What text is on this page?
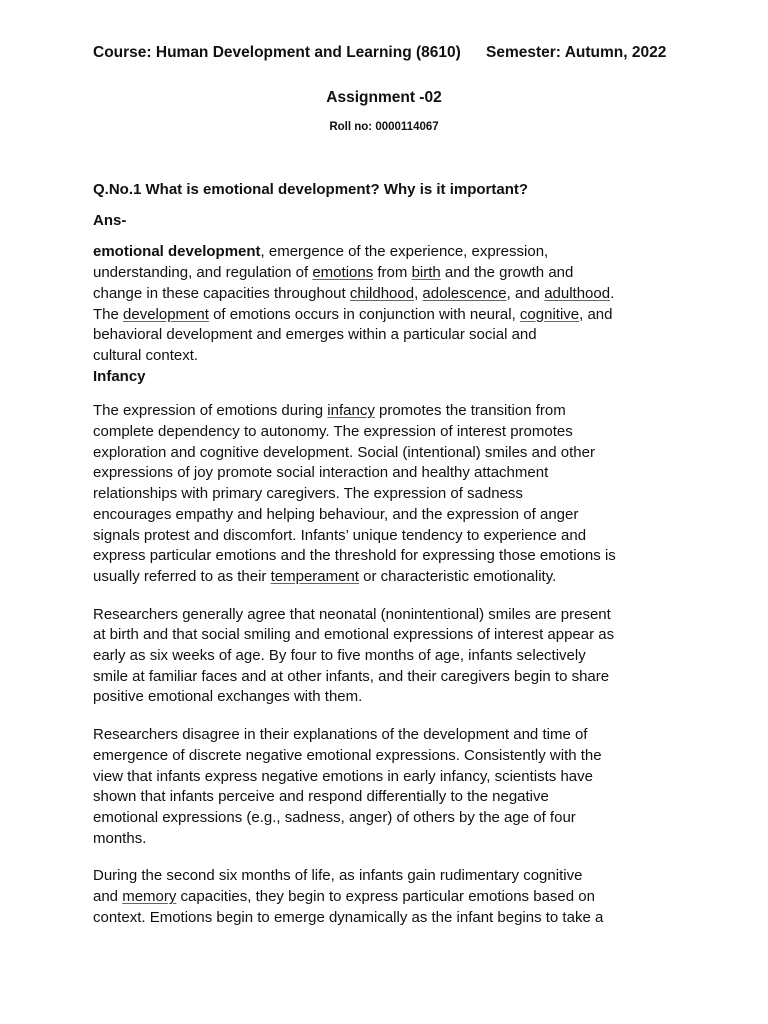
Course: Human Development and Learning (8610) Semester: Autumn, 2022
Assignment -02
Roll no: 0000114067
Q.No.1 What is emotional development? Why is it important?
Ans-
emotional development, emergence of the experience, expression,
understanding, and regulation of emotions from birth and the growth and
change in these capacities throughout childhood, adolescence, and adulthood.
The development of emotions occurs in conjunction with neural, cognitive, and
behavioral development and emerges within a particular social and
cultural context.
Infancy
The expression of emotions during infancy promotes the transition from
complete dependency to autonomy. The expression of interest promotes
exploration and cognitive development. Social (intentional) smiles and other
expressions of joy promote social interaction and healthy attachment
relationships with primary caregivers. The expression of sadness
encourages empathy and helping behaviour, and the expression of anger
signals protest and discomfort. Infants’ unique tendency to experience and
express particular emotions and the threshold for expressing those emotions is
usually referred to as their temperament or characteristic emotionality.
Researchers generally agree that neonatal (nonintentional) smiles are present
at birth and that social smiling and emotional expressions of interest appear as
early as six weeks of age. By four to five months of age, infants selectively
smile at familiar faces and at other infants, and their caregivers begin to share
positive emotional exchanges with them.
Researchers disagree in their explanations of the development and time of
emergence of discrete negative emotional expressions. Consistently with the
view that infants express negative emotions in early infancy, scientists have
shown that infants perceive and respond differentially to the negative
emotional expressions (e.g., sadness, anger) of others by the age of four
months.
During the second six months of life, as infants gain rudimentary cognitive
and memory capacities, they begin to express particular emotions based on
context. Emotions begin to emerge dynamically as the infant begins to take a
